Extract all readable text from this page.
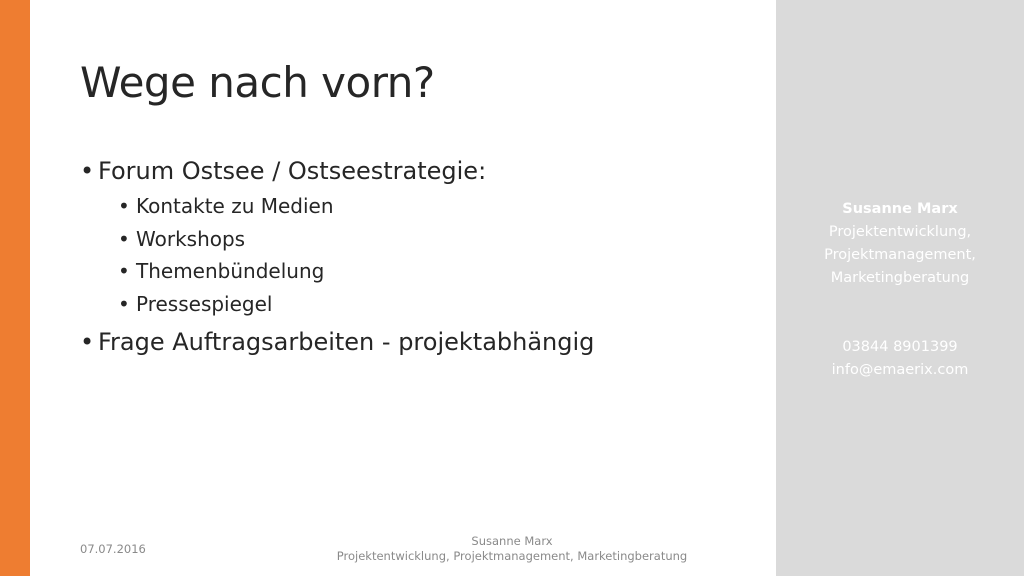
Wege nach vorn?
• Forum Ostsee / Ostseestrategie:
• Kontakte zu Medien
• Workshops
• Themenbündelung
• Pressespiegel
• Frage Auftragsarbeiten - projektabhängig
Susanne Marx
Projektentwicklung,
Projektmanagement,
Marketingberatung
03844 8901399
info@emaerix.com
07.07.2016
Susanne Marx
Projektentwicklung, Projektmanagement, Marketingberatung
